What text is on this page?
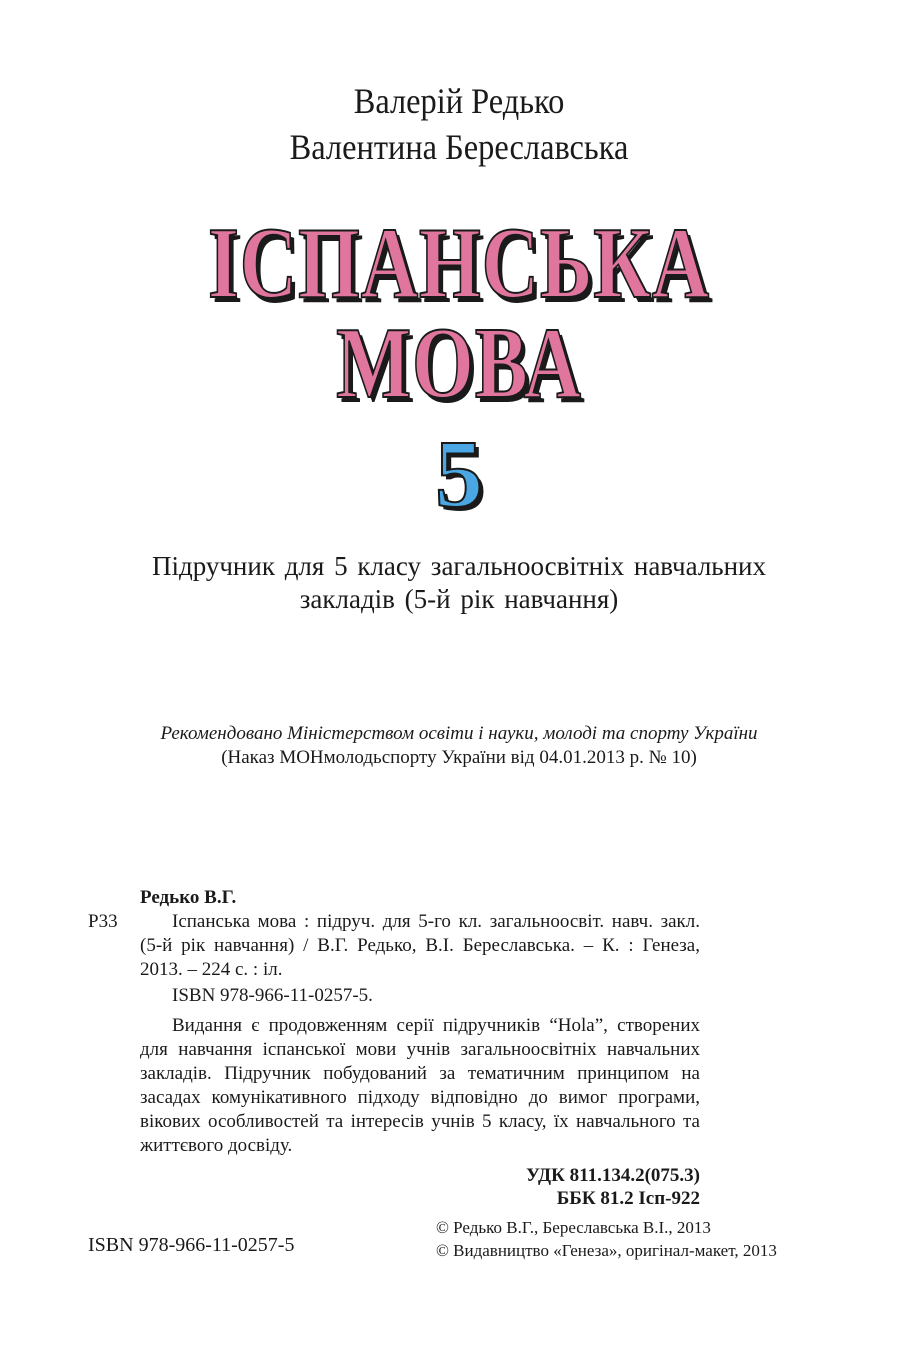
Валерій Редько
Валентина Береславська
ІСПАНСЬКА
МОВА
5
Підручник для 5 класу загальноосвітніх навчальних
закладів (5-й рік навчання)
Рекомендовано Міністерством освіти і науки, молоді та спорту України
(Наказ МОНмолодьспорту України від 04.01.2013 р. № 10)
Р33
Редько В.Г.

Іспанська мова : підруч. для 5-го кл. загальноосвіт. навч. закл. (5-й рік навчання) / В.Г. Редько, В.І. Береславська. – К. : Генеза, 2013. – 224 с. : іл.

ISBN 978-966-11-0257-5.

Видання є продовженням серії підручників “Hola”, створених для навчання іспанської мови учнів загальноосвітніх навчальних закладів. Підручник побудований за тематичним принципом на засадах комунікативного підходу відповідно до вимог програми, вікових особливостей та інтересів учнів 5 класу, їх навчального та життєвого досвіду.

УДК 811.134.2(075.3)
ББК 81.2 Ісп-922
ISBN 978-966-11-0257-5
© Редько В.Г., Береславська В.І., 2013
© Видавництво «Генеза», оригінал-макет, 2013
